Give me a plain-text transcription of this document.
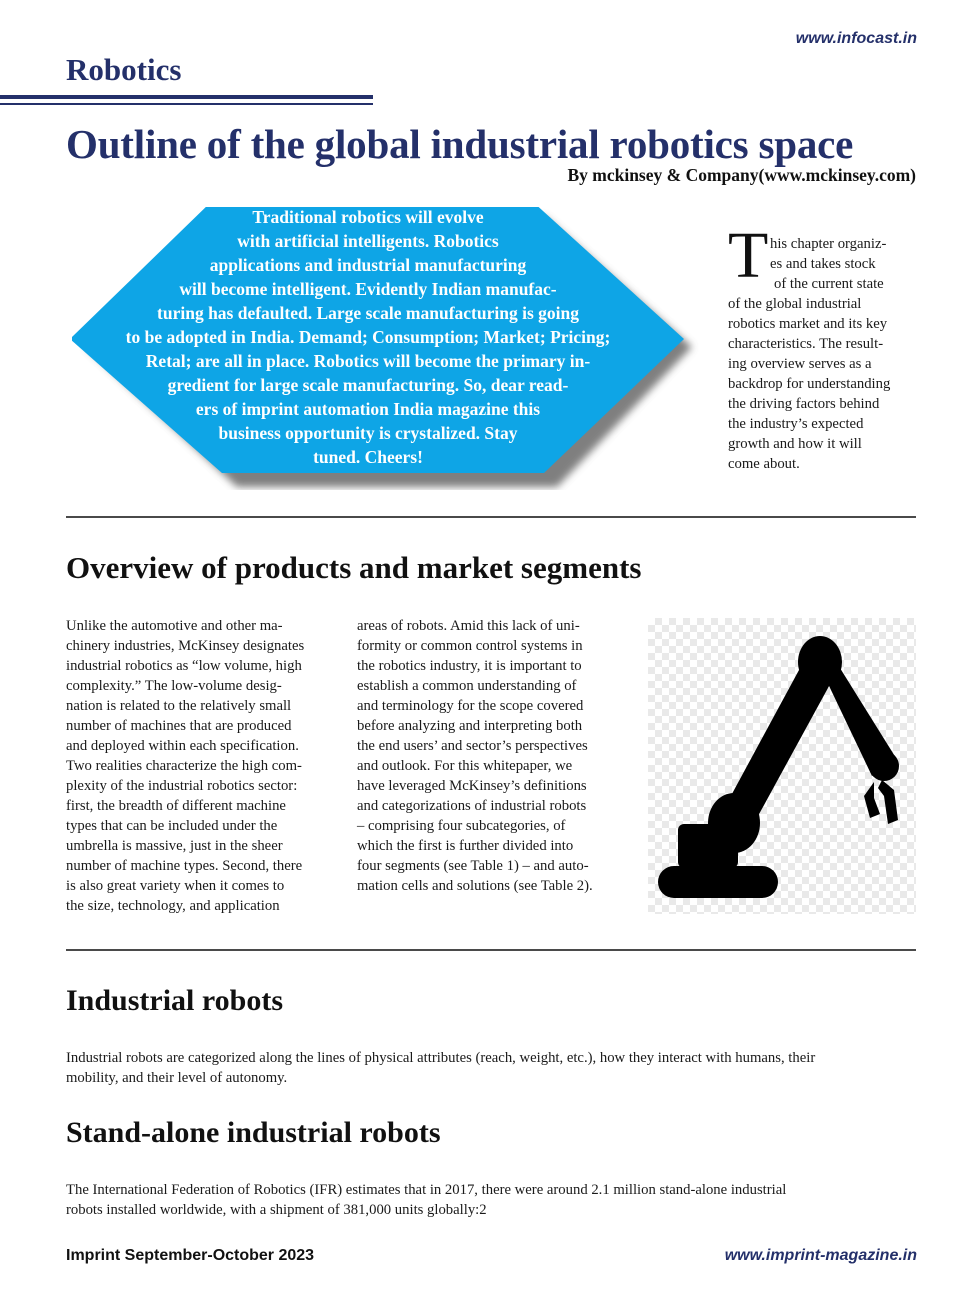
www.infocast.in
Robotics
Outline of the global industrial robotics space
By mckinsey & Company(www.mckinsey.com)
Traditional robotics will evolve
with artificial intelligents. Robotics
applications and industrial manufacturing
will become intelligent. Evidently Indian manufac-
turing has defaulted. Large scale manufacturing is going
to be adopted in India. Demand; Consumption; Market; Pricing;
Retal; are all in place. Robotics will become the primary in-
gredient for large scale manufacturing. So, dear read-
ers of imprint automation India magazine this
business opportunity is crystalized. Stay
tuned. Cheers!
T his chapter organiz-
es and takes stock
of the current state
of the global industrial
robotics market and its key
characteristics. The result-
ing overview serves as a
backdrop for understanding
the driving factors behind
the industry’s expected
growth and how it will
come about.
Overview of products and market segments
Unlike the automotive and other ma-
chinery industries, McKinsey designates
industrial robotics as “low volume, high
complexity.” The low-volume desig-
nation is related to the relatively small
number of machines that are produced
and deployed within each specification.
Two realities characterize the high com-
plexity of the industrial robotics sector:
first, the breadth of different machine
types that can be included under the
umbrella is massive, just in the sheer
number of machine types. Second, there
is also great variety when it comes to
the size, technology, and application
areas of robots. Amid this lack of uni-
formity or common control systems in
the robotics industry, it is important to
establish a common understanding of
and terminology for the scope covered
before analyzing and interpreting both
the end users’ and sector’s perspectives
and outlook. For this whitepaper, we
have leveraged McKinsey’s definitions
and categorizations of industrial robots
– comprising four subcategories, of
which the first is further divided into
four segments (see Table 1) – and auto-
mation cells and solutions (see Table 2).
Industrial robots
Industrial robots are categorized along the lines of physical attributes (reach, weight, etc.), how they interact with humans, their
mobility, and their level of autonomy.
Stand-alone industrial robots
The International Federation of Robotics (IFR) estimates that in 2017, there were around 2.1 million stand-alone industrial
robots installed worldwide, with a shipment of 381,000 units globally:2
Imprint September-October 2023	www.imprint-magazine.in
